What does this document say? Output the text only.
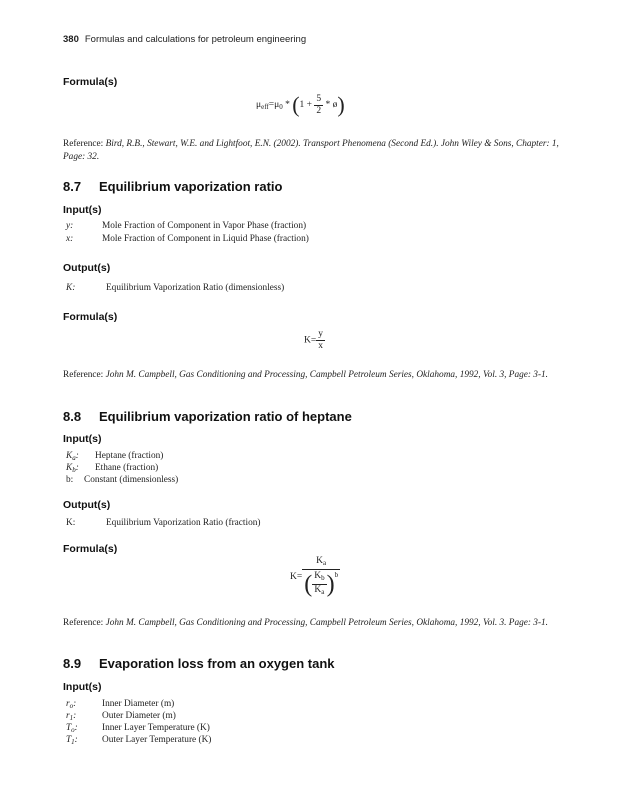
380 Formulas and calculations for petroleum engineering
Formula(s)
$\mu_{eff}=\mu_0 * (1 + \frac{5}{2}$ * ø)
Reference: Bird, R.B., Stewart, W.E. and Lightfoot, E.N. (2002). Transport Phenomena (Second Ed.). John Wiley & Sons, Chapter: 1, Page: 32.
8.7 Equilibrium vaporization ratio
Input(s)
y:	Mole Fraction of Component in Vapor Phase (fraction)
x:	Mole Fraction of Component in Liquid Phase (fraction)
Output(s)
K:	Equilibrium Vaporization Ratio (dimensionless)
Formula(s)
$K= \frac{y}{x}$
Reference: John M. Campbell, Gas Conditioning and Processing, Campbell Petroleum Series, Oklahoma, 1992, Vol. 3, Page: 3-1.
8.8 Equilibrium vaporization ratio of heptane
Input(s)
$K_a$: Heptane (fraction)
$K_b$: Ethane (fraction)
b: Constant (dimensionless)
Output(s)
K:	Equilibrium Vaporization Ratio (fraction)
Formula(s)
$K= \frac{K_a}{( \frac{K_b}{K_a} )^b}$
Reference: John M. Campbell, Gas Conditioning and Processing, Campbell Petroleum Series, Oklahoma, 1992, Vol. 3. Page: 3-1.
8.9 Evaporation loss from an oxygen tank
Input(s)
$r_o$:	Inner Diameter (m)
$r_1$:	Outer Diameter (m)
$T_o$:	Inner Layer Temperature (K)
$T_1$:	Outer Layer Temperature (K)
